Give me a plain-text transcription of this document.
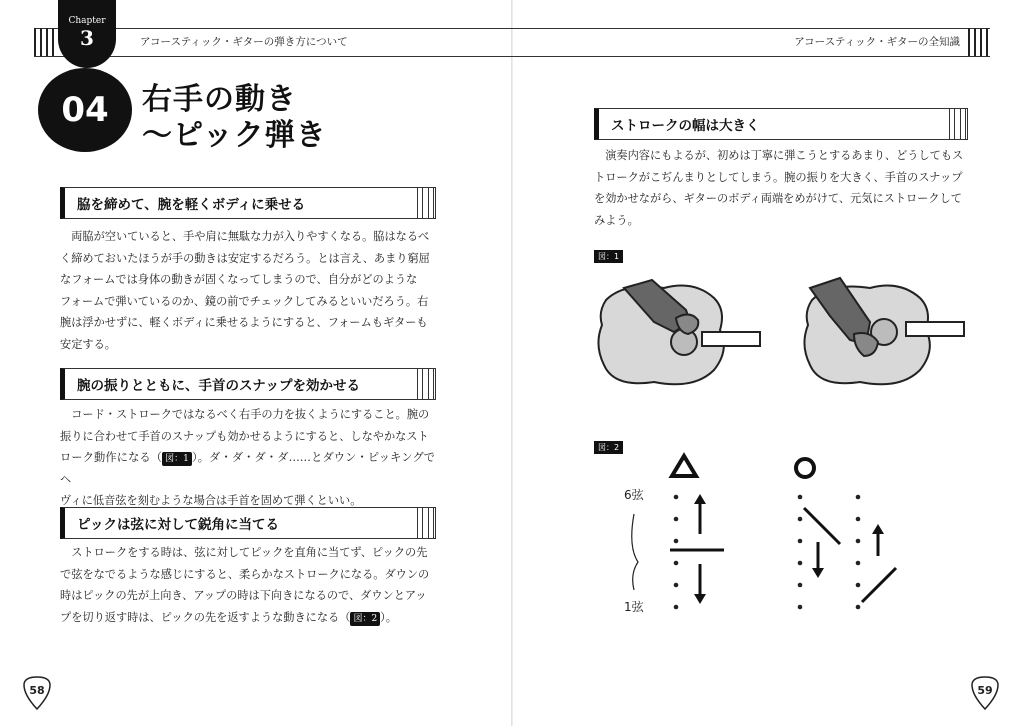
Chapter
3	アコースティック・ギターの弾き方について	アコースティック・ギターの全知識
04	右手の動き
～ピック弾き
脇を締めて、腕を軽くボディに乗せる
　両脇が空いていると、手や肩に無駄な力が入りやすくなる。脇はなるべ
く締めておいたほうが手の動きは安定するだろう。とは言え、あまり窮屈
なフォームでは身体の動きが固くなってしまうので、自分がどのような
フォームで弾いているのか、鏡の前でチェックしてみるといいだろう。右
腕は浮かせずに、軽くボディに乗せるようにすると、フォームもギターも
安定する。
腕の振りとともに、手首のスナップを効かせる
　コード・ストロークではなるべく右手の力を抜くようにすること。腕の
振りに合わせて手首のスナップも効かせるようにすると、しなやかなスト
ローク動作になる（ 図：1 ）。ダ・ダ・ダ・ダ……とダウン・ピッキングでヘ
ヴィに低音弦を刻むような場合は手首を固めて弾くといい。
ピックは弦に対して鋭角に当てる
　ストロークをする時は、弦に対してピックを直角に当てず、ピックの先
で弦をなでるような感じにすると、柔らかなストロークになる。ダウンの
時はピックの先が上向き、アップの時は下向きになるので、ダウンとアッ
プを切り返す時は、ピックの先を返すような動きになる（ 図：2 ）。
ストロークの幅は大きく
　演奏内容にもよるが、初めは丁寧に弾こうとするあまり、どうしてもス
トロークがこぢんまりとしてしまう。腕の振りを大きく、手首のスナップ
を効かせながら、ギターのボディ両端をめがけて、元気にストロークして
みよう。
図：1
図：2
6弦
1弦
58	59
